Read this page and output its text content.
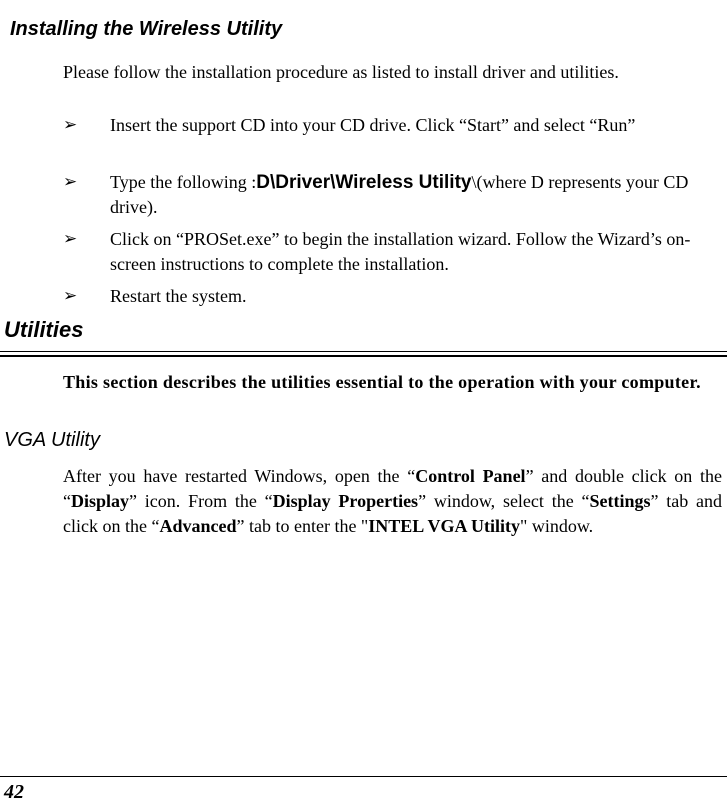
Installing the Wireless Utility

Please follow the installation procedure as listed to install driver and utilities.

➢	Insert the support CD into your CD drive. Click “Start” and select “Run”
➢	Type the following :D\Driver\Wireless Utility\(where D represents your CD drive).
➢	Click on “PROSet.exe” to begin the installation wizard. Follow the Wizard’s on-screen instructions to complete the installation.
➢	Restart the system.
Utilities

This section describes the utilities essential to the operation with your computer.

VGA Utility

After you have restarted Windows, open the “Control Panel” and double click on the “Display” icon. From the “Display Properties” window, select the “Settings” tab and click on the “Advanced” tab to enter the "INTEL VGA Utility" window.

42
